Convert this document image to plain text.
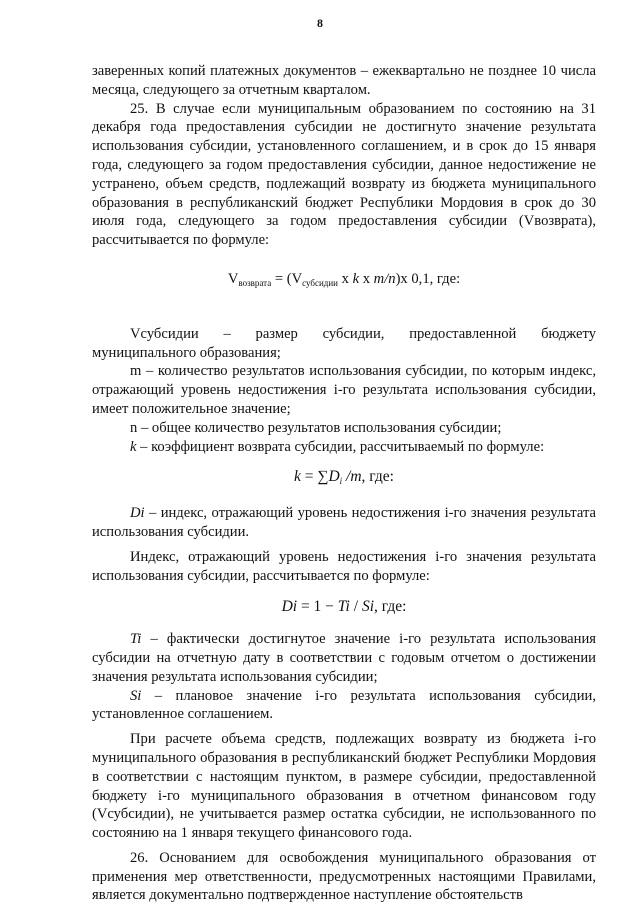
8

заверенных копий платежных документов – ежеквартально не позднее 10 числа месяца, следующего за отчетным кварталом.

25. В случае если муниципальным образованием по состоянию на 31 декабря года предоставления субсидии не достигнуто значение результата использования субсидии, установленного соглашением, и в срок до 15 января года, следующего за годом предоставления субсидии, данное недостижение не устранено, объем средств, подлежащий возврату из бюджета муниципального образования в республиканский бюджет Республики Мордовия в срок до 30 июля года, следующего за годом предоставления субсидии (Vвозврата), рассчитывается по формуле:

$V_{возврата} = (V_{субсидии}$ x k x m/n)x 0,1, где:

Vсубсидии – размер субсидии, предоставленной бюджету муниципального образования;

m – количество результатов использования субсидии, по которым индекс, отражающий уровень недостижения i-го результата использования субсидии, имеет положительное значение;

n – общее количество результатов использования субсидии;

k – коэффициент возврата субсидии, рассчитываемый по формуле:

$k = \sum D_i$ /m, где:

Di – индекс, отражающий уровень недостижения i-го значения результата использования субсидии.

Индекс, отражающий уровень недостижения i-го значения результата использования субсидии, рассчитывается по формуле:

Di = 1 − Ti / Si, где:

Ti – фактически достигнутое значение i-го результата использования субсидии на отчетную дату в соответствии с годовым отчетом о достижении значения результата использования субсидии;

Si – плановое значение i-го результата использования субсидии, установленное соглашением.

При расчете объема средств, подлежащих возврату из бюджета i-го муниципального образования в республиканский бюджет Республики Мордовия в соответствии с настоящим пунктом, в размере субсидии, предоставленной бюджету i-го муниципального образования в отчетном финансовом году (Vсубсидии), не учитывается размер остатка субсидии, не использованного по состоянию на 1 января текущего финансового года.

26. Основанием для освобождения муниципального образования от применения мер ответственности, предусмотренных настоящими Правилами, является документально подтвержденное наступление обстоятельств
